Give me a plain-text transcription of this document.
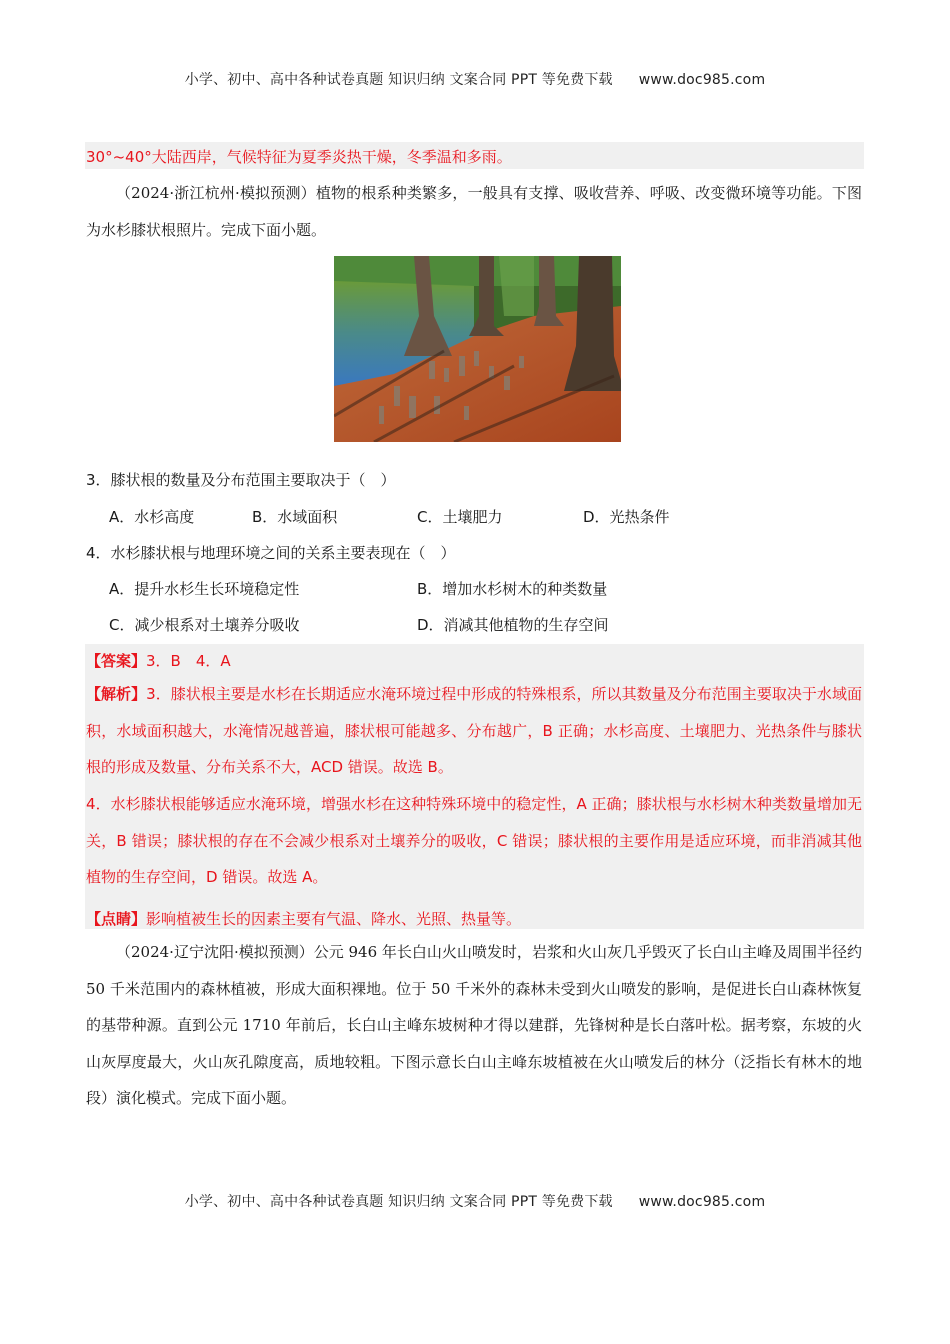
小学、初中、高中各种试卷真题 知识归纳 文案合同 PPT 等免费下载 www.doc985.com
30°~40°大陆西岸，气候特征为夏季炎热干燥，冬季温和多雨。
（2024·浙江杭州·模拟预测）植物的根系种类繁多，一般具有支撑、吸收营养、呼吸、改变微环境等功能。下图为水杉膝状根照片。完成下面小题。
3．膝状根的数量及分布范围主要取决于（　）
A．水杉高度	B．水域面积	C．土壤肥力	D．光热条件
4．水杉膝状根与地理环境之间的关系主要表现在（　）
A．提升水杉生长环境稳定性	B．增加水杉树木的种类数量
C．减少根系对土壤养分吸收	D．消减其他植物的生存空间
【答案】3．B　4．A
【解析】3．膝状根主要是水杉在长期适应水淹环境过程中形成的特殊根系，所以其数量及分布范围主要取决于水域面积，水域面积越大，水淹情况越普遍，膝状根可能越多、分布越广，B 正确；水杉高度、土壤肥力、光热条件与膝状根的形成及数量、分布关系不大，ACD 错误。故选 B。
4．水杉膝状根能够适应水淹环境，增强水杉在这种特殊环境中的稳定性，A 正确；膝状根与水杉树木种类数量增加无关，B 错误；膝状根的存在不会减少根系对土壤养分的吸收，C 错误；膝状根的主要作用是适应环境，而非消减其他植物的生存空间，D 错误。故选 A。
【点睛】影响植被生长的因素主要有气温、降水、光照、热量等。
（2024·辽宁沈阳·模拟预测）公元 946 年长白山火山喷发时，岩浆和火山灰几乎毁灭了长白山主峰及周围半径约 50 千米范围内的森林植被，形成大面积裸地。位于 50 千米外的森林未受到火山喷发的影响，是促进长白山森林恢复的基带种源。直到公元 1710 年前后，长白山主峰东坡树种才得以建群，先锋树种是长白落叶松。据考察，东坡的火山灰厚度最大，火山灰孔隙度高，质地较粗。下图示意长白山主峰东坡植被在火山喷发后的林分（泛指长有林木的地段）演化模式。完成下面小题。
小学、初中、高中各种试卷真题 知识归纳 文案合同 PPT 等免费下载 www.doc985.com
